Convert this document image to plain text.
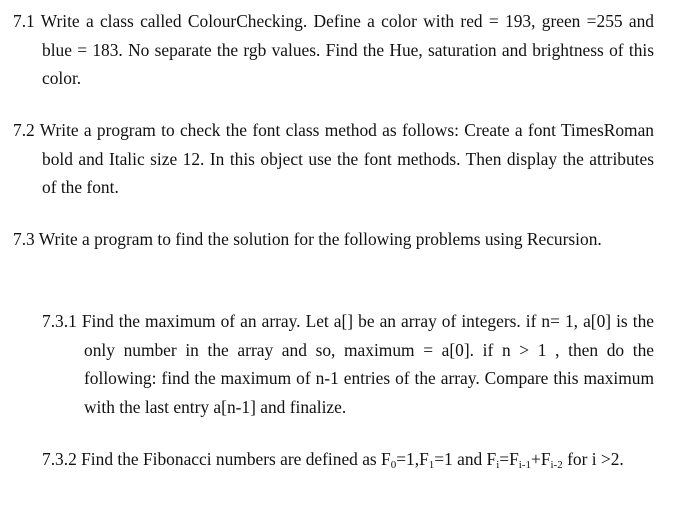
7.1 Write a class called ColourChecking. Define a color with red = 193, green =255 and blue = 183. No separate the rgb values. Find the Hue, saturation and brightness of this color.
7.2 Write a program to check the font class method as follows: Create a font TimesRoman bold and Italic size 12. In this object use the font methods. Then display the attributes of the font.
7.3 Write a program to find the solution for the following problems using Recursion.
7.3.1 Find the maximum of an array. Let a[] be an array of integers. if n= 1, a[0] is the only number in the array and so, maximum = a[0]. if n > 1 , then do the following: find the maximum of n-1 entries of the array. Compare this maximum with the last entry a[n-1] and finalize.
7.3.2 Find the Fibonacci numbers are defined as $F_0=1,F_1=1$ and $F_i=F_{i-1}+F_{i-2}$ for i >2.
